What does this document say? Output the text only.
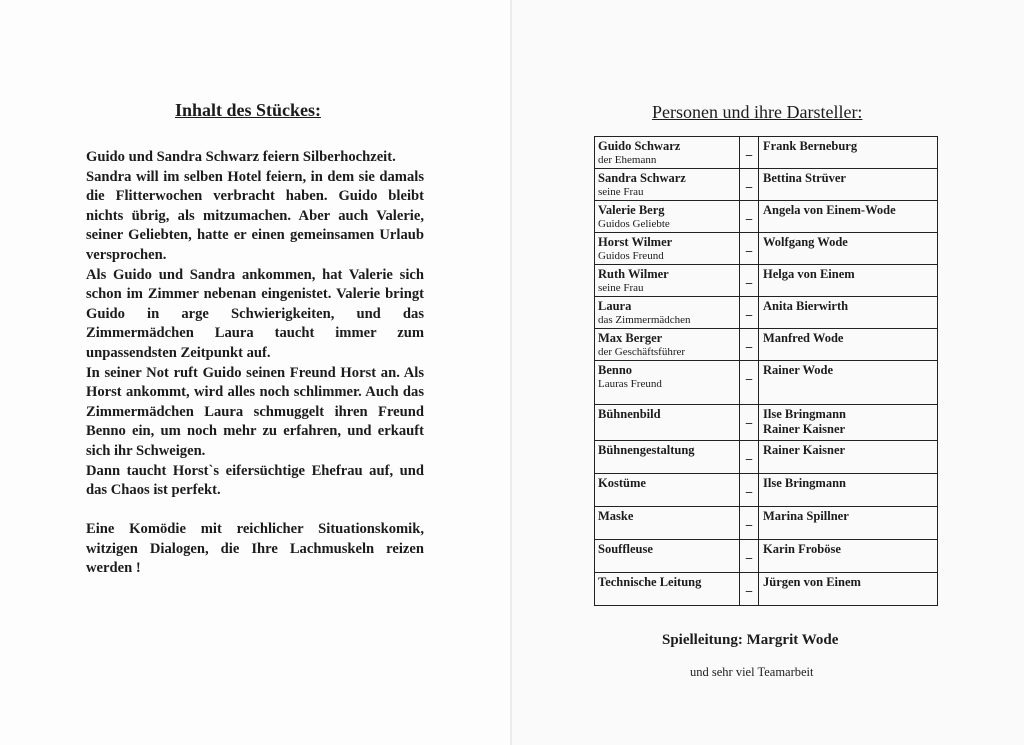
Inhalt des Stückes:

Guido und Sandra Schwarz feiern Silberhochzeit.

Sandra will im selben Hotel feiern, in dem sie damals die Flitterwochen verbracht haben. Guido bleibt nichts übrig, als mitzumachen. Aber auch Valerie, seiner Geliebten, hatte er einen gemeinsamen Urlaub versprochen.

Als Guido und Sandra ankommen, hat Valerie sich schon im Zimmer nebenan eingenistet. Valerie bringt Guido in arge Schwierigkeiten, und das Zimmermädchen Laura taucht immer zum unpassendsten Zeitpunkt auf.

In seiner Not ruft Guido seinen Freund Horst an. Als Horst ankommt, wird alles noch schlimmer. Auch das Zimmermädchen Laura schmuggelt ihren Freund Benno ein, um noch mehr zu erfahren, und erkauft sich ihr Schweigen.

Dann taucht Horst`s eifersüchtige Ehefrau auf, und das Chaos ist perfekt.

Eine Komödie mit reichlicher Situationskomik, witzigen Dialogen, die Ihre Lachmuskeln reizen werden !

Personen und ihre Darsteller:
Guido Schwarz
der Ehemann	_	Frank Berneburg

Sandra Schwarz
seine Frau	_	Bettina Strüver

Valerie Berg
Guidos Geliebte	_	Angela von Einem-Wode

Horst Wilmer
Guidos Freund	_	Wolfgang Wode

Ruth Wilmer
seine Frau	_	Helga von Einem

Laura
das Zimmermädchen	_	Anita Bierwirth

Max Berger
der Geschäftsführer	_	Manfred Wode

Benno
Lauras Freund	_	Rainer Wode

Bühnenbild	_	Ilse Bringmann
Rainer Kaisner

Bühnengestaltung	_	Rainer Kaisner

Kostüme	_	Ilse Bringmann

Maske	_	Marina Spillner

Souffleuse	_	Karin Froböse

Technische Leitung	_	Jürgen von Einem
Spielleitung: Margrit Wode
und sehr viel Teamarbeit
